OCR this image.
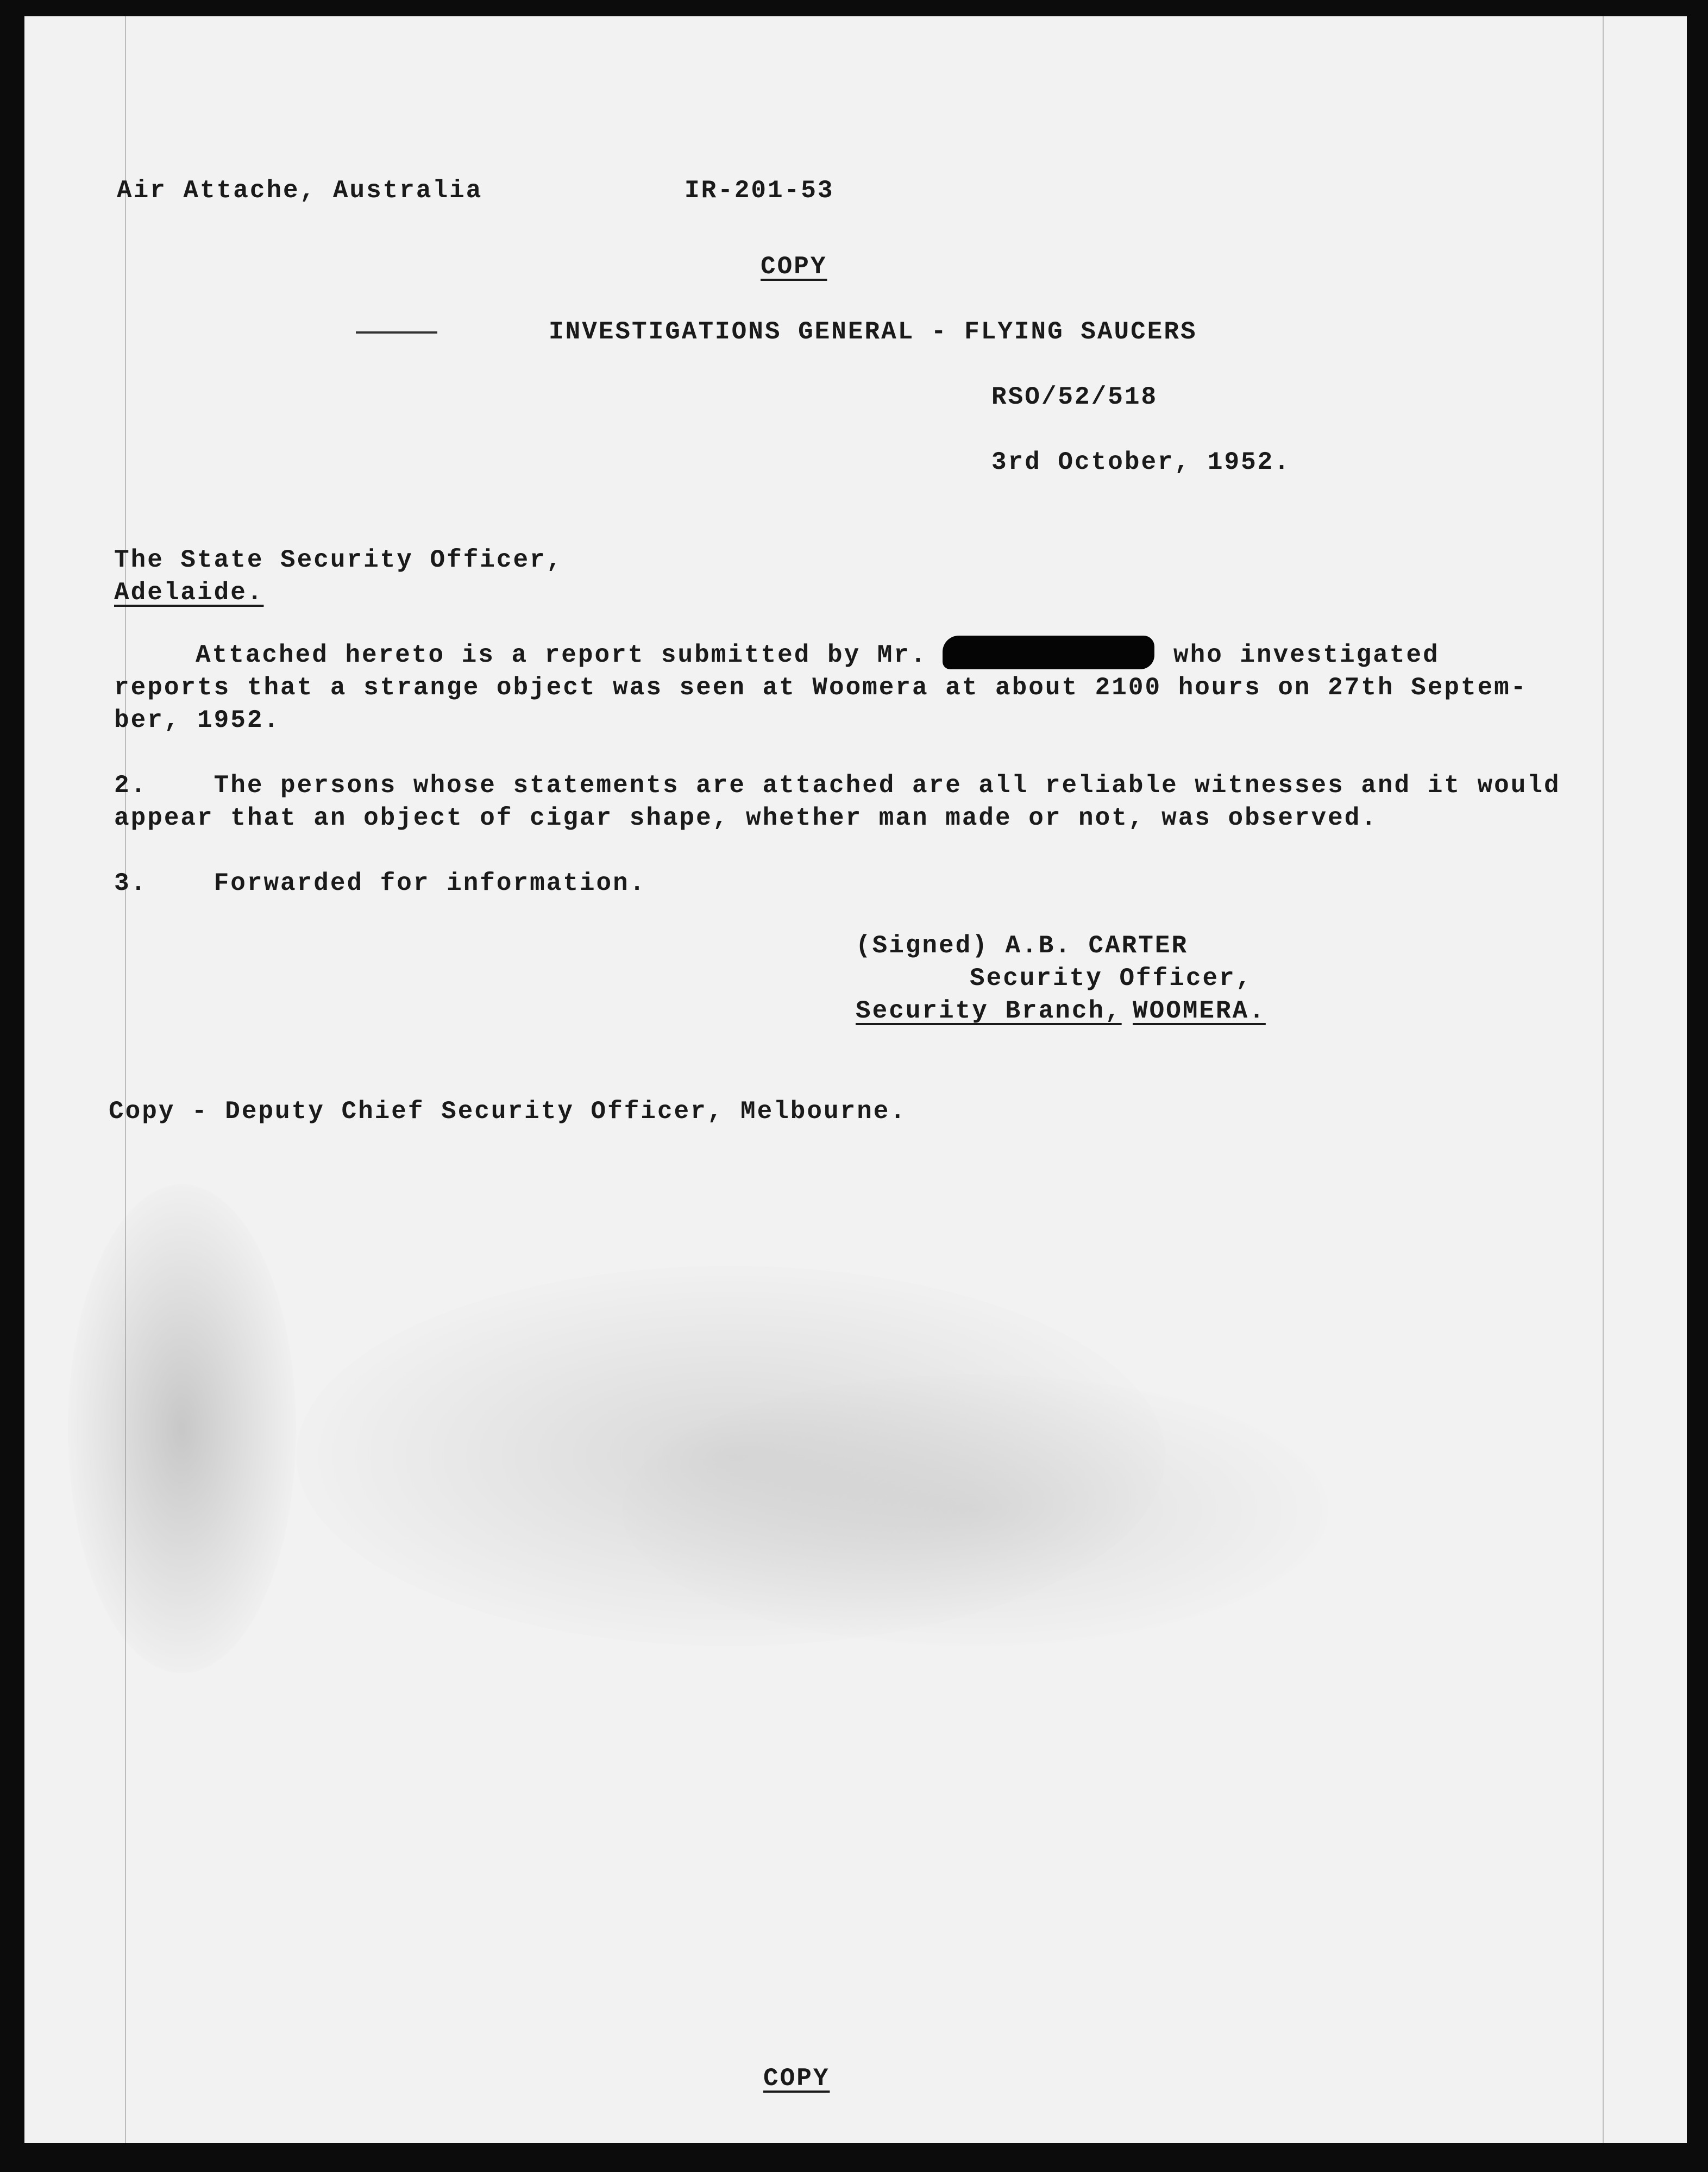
Air Attache, Australia	IR-201-53
COPY
INVESTIGATIONS GENERAL - FLYING SAUCERS
RSO/52/518
3rd October, 1952.
The State Security Officer,
Adelaide.
Attached hereto is a report submitted by Mr.	who investigated
reports that a strange object was seen at Woomera at about 2100 hours on 27th Septem-
ber, 1952.
2.    The persons whose statements are attached are all reliable witnesses and it would
appear that an object of cigar shape, whether man made or not, was observed.
3.    Forwarded for information.
(Signed) A.B. CARTER
Security Officer,
Security Branch, WOOMERA.
Copy - Deputy Chief Security Officer, Melbourne.
COPY
